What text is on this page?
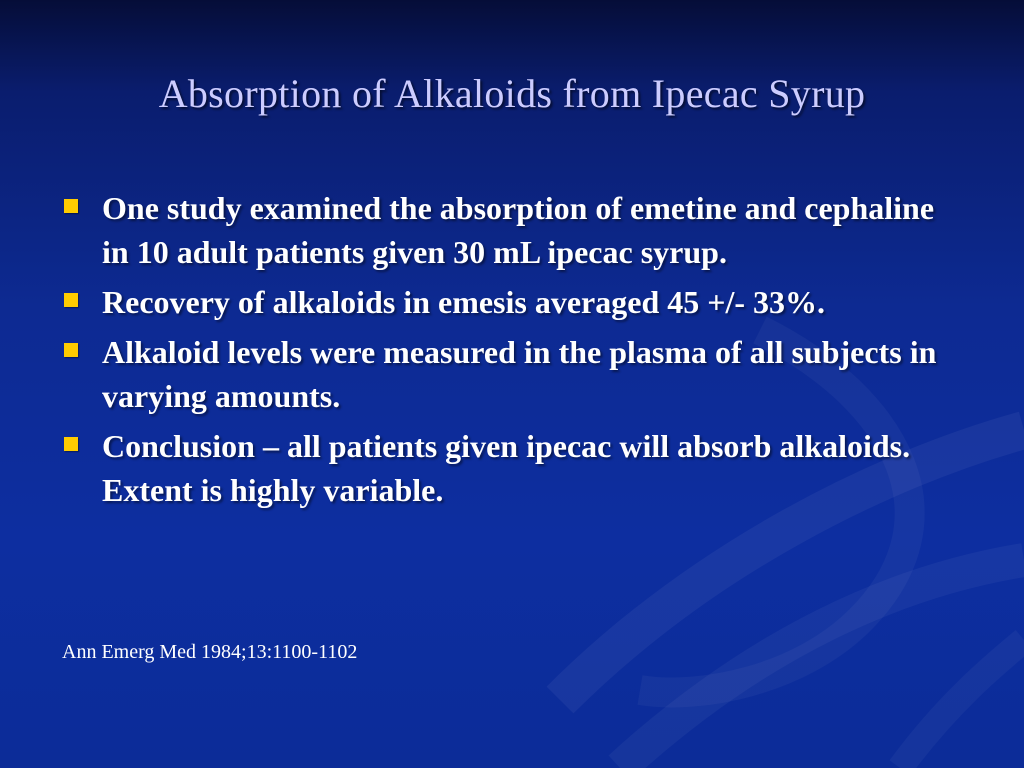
Absorption of Alkaloids from Ipecac Syrup
One study examined the absorption of emetine and cephaline in 10 adult patients given 30 mL ipecac syrup.
Recovery of alkaloids in emesis averaged 45 +/- 33%.
Alkaloid levels were measured in the plasma of all subjects in varying amounts.
Conclusion – all patients given ipecac will absorb alkaloids. Extent is highly variable.

Ann Emerg Med 1984;13:1100-1102
